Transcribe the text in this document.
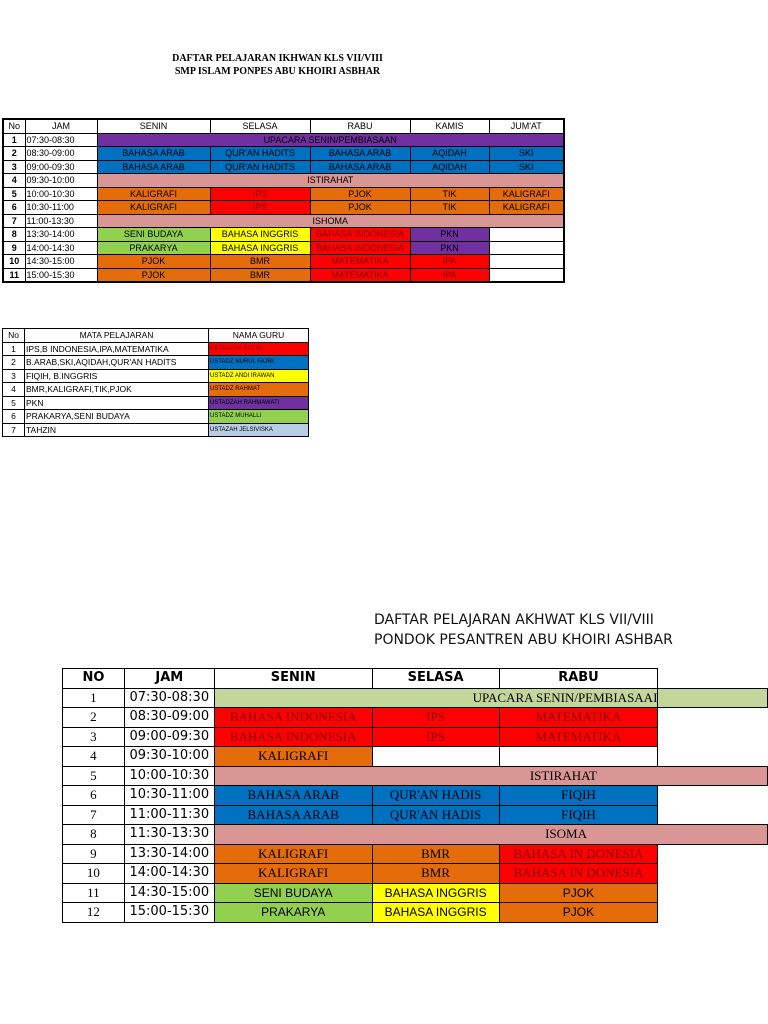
DAFTAR PELAJARAN IKHWAN KLS VII/VIII
SMP ISLAM PONPES ABU KHOIRI ASBHAR
No	JAM	SENIN	SELASA	RABU	KAMIS	JUM'AT
1	07:30-08:30	UPACARA SENIN/PEMBIASAAN				
2	08:30-09:00	BAHASA ARAB	QUR'AN HADITS	BAHASA ARAB	AQIDAH	SKI
3	09:00-09:30	BAHASA ARAB	QUR'AN HADITS	BAHASA ARAB	AQIDAH	SKI
4	09:30-10:00	ISTIRAHAT				
5	10:00-10:30	KALIGRAFI	IPS	PJOK	TIK	KALIGRAFI
6	10:30-11:00	KALIGRAFI	IPS	PJOK	TIK	KALIGRAFI
7	11:00-13:30	ISHOMA				
8	13:30-14:00	SENI BUDAYA	BAHASA INGGRIS	BAHASA INDONESIA	PKN	
9	14:00-14:30	PRAKARYA	BAHASA INGGRIS	BAHASA INDONESIA	PKN	
10	14:30-15:00	PJOK	BMR	MATEMATIKA	IPA	
11	15:00-15:30	PJOK	BMR	MATEMATIKA	IPA	
No	MATA PELAJARAN	NAMA GURU
1	IPS,B INDONESIA,IPA,MATEMATIKA	USTADZAH SUTINI
2	B.ARAB,SKI,AQIDAH,QUR'AN HADITS	USTADZ NURUL FAJRI
3	FIQIH, B.INGGRIS	USTADZ ANDI IRAWAN
4	BMR,KALIGRAFI,TIK,PJOK	USTADZ RAHMAT
5	PKN	USTADZAH RAHMAWATI
6	PRAKARYA,SENI BUDAYA	USTADZ MUHALLI
7	TAHZIN	USTAZAH JELSIVISKA
DAFTAR PELAJARAN AKHWAT KLS VII/VIII
PONDOK PESANTREN ABU KHOIRI ASHBAR
NO	JAM	SENIN	SELASA	RABU	
1	07:30-08:30	UPACARA SENIN/PEMBIASAAI			
2	08:30-09:00	BAHASA INDONESIA	IPS	MATEMATIKA	
3	09:00-09:30	BAHASA INDONESIA	IPS	MATEMATIKA	
4	09:30-10:00	KALIGRAFI			
5	10:00-10:30	ISTIRAHAT			
6	10:30-11:00	BAHASA ARAB	QUR'AN HADIS	FIQIH	
7	11:00-11:30	BAHASA ARAB	QUR'AN HADIS	FIQIH	
8	11:30-13:30	ISOMA			
9	13:30-14:00	KALIGRAFI	BMR	BAHASA IN DONESIA	
10	14:00-14:30	KALIGRAFI	BMR	BAHASA IN DONESIA	
11	14:30-15:00	SENI BUDAYA	BAHASA INGGRIS	PJOK	
12	15:00-15:30	PRAKARYA	BAHASA INGGRIS	PJOK	
